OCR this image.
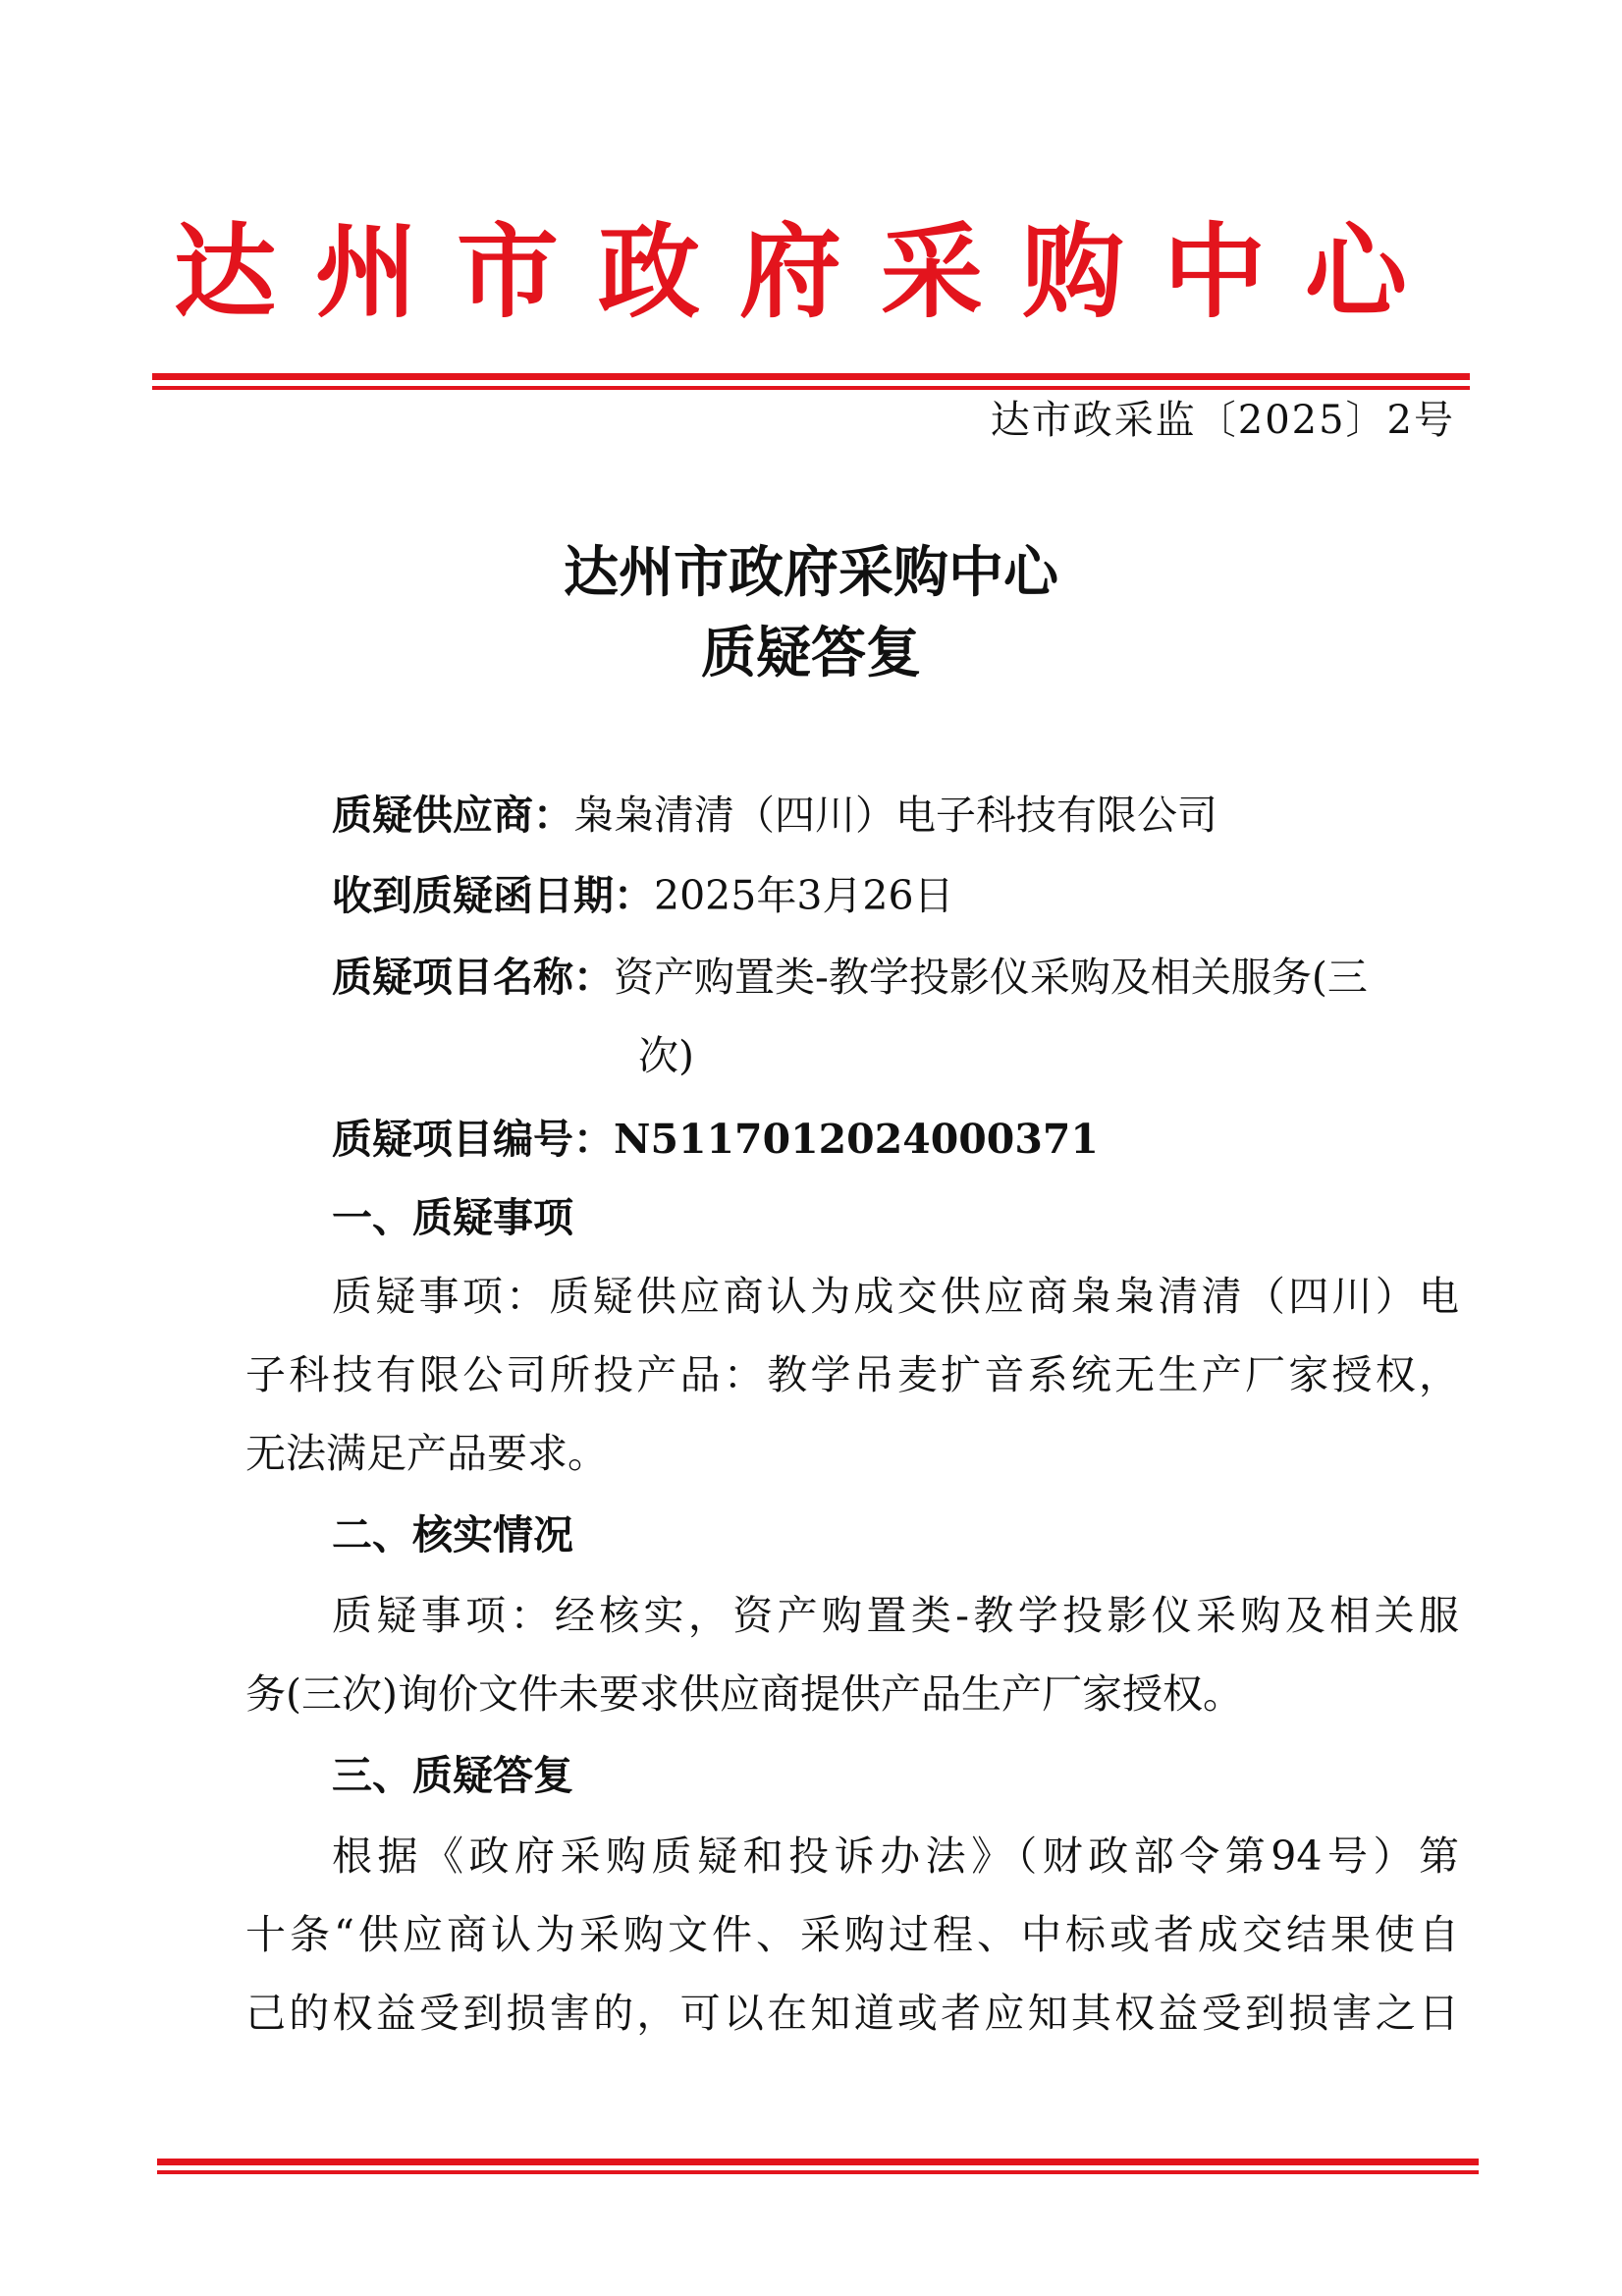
达州市政府采购中心
达市政采监〔2025〕2号
达州市政府采购中心
质疑答复
质疑供应商：枭枭清清（四川）电子科技有限公司
收到质疑函日期：2025年3月26日
质疑项目名称：资产购置类-教学投影仪采购及相关服务(三
次)
质疑项目编号：N5117012024000371
一、质疑事项
质疑事项：质疑供应商认为成交供应商枭枭清清（四川）电
子科技有限公司所投产品：教学吊麦扩音系统无生产厂家授权，
无法满足产品要求。
二、核实情况
质疑事项：经核实，资产购置类-教学投影仪采购及相关服
务(三次)询价文件未要求供应商提供产品生产厂家授权。
三、质疑答复
根据《政府采购质疑和投诉办法》（财政部令第94号）第
十条“供应商认为采购文件、采购过程、中标或者成交结果使自
己的权益受到损害的，可以在知道或者应知其权益受到损害之日
